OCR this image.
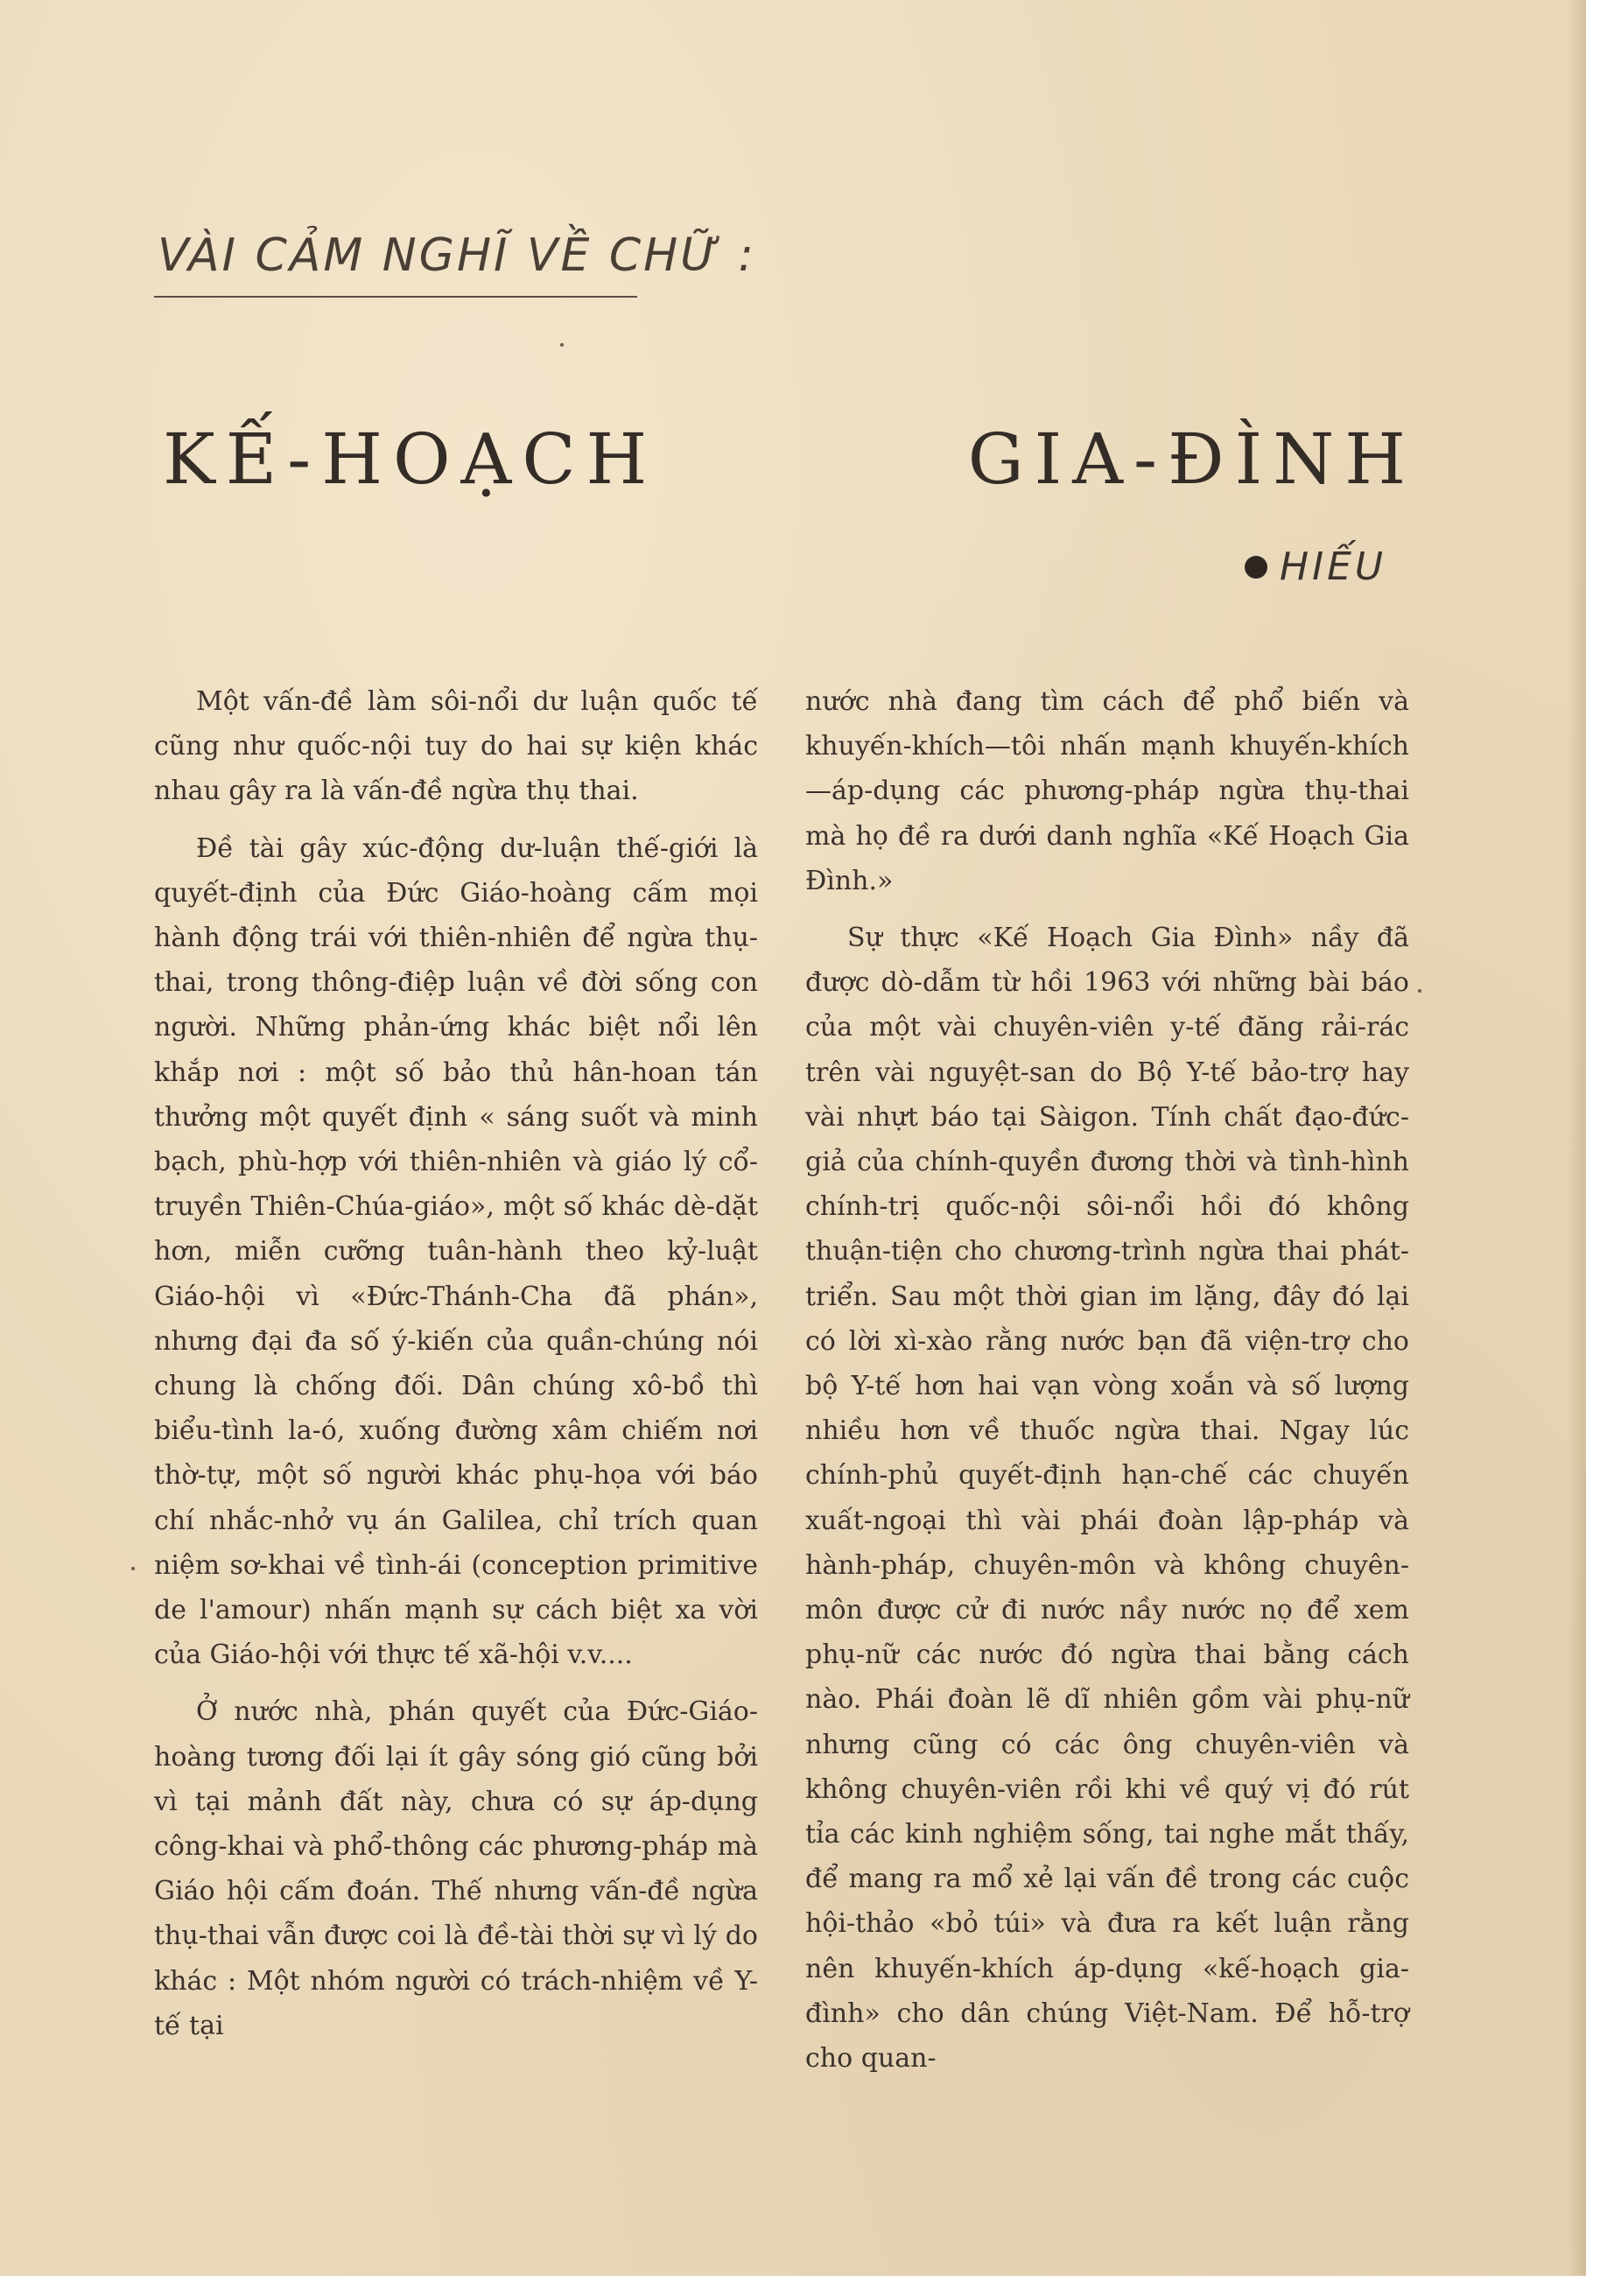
VÀI CẢM NGHĨ VỀ CHỮ :
KẾ-HOẠCH GIA-ĐÌNH
HIẾU

Một vấn-đề làm sôi-nổi dư luận quốc tế cũng như quốc-nội tuy do hai sự kiện khác nhau gây ra là vấn-đề ngừa thụ thai.

Đề tài gây xúc-động dư-luận thế-giới là quyết-định của Đức Giáo-hoàng cấm mọi hành động trái với thiên-nhiên để ngừa thụ-thai, trong thông-điệp luận về đời sống con người. Những phản-ứng khác biệt nổi lên khắp nơi : một số bảo thủ hân-hoan tán thưởng một quyết định « sáng suốt và minh bạch, phù-hợp với thiên-nhiên và giáo lý cổ-truyền Thiên-Chúa-giáo», một số khác dè-dặt hơn, miễn cưỡng tuân-hành theo kỷ-luật Giáo-hội vì «Đức-Thánh-Cha đã phán», nhưng đại đa số ý-kiến của quần-chúng nói chung là chống đối. Dân chúng xô-bồ thì biểu-tình la-ó, xuống đường xâm chiếm nơi thờ-tự, một số người khác phụ-họa với báo chí nhắc-nhở vụ án Galilea, chỉ trích quan niệm sơ-khai về tình-ái (conception primitive de l'amour) nhấn mạnh sự cách biệt xa vời của Giáo-hội với thực tế xã-hội v.v....

Ở nước nhà, phán quyết của Đức-Giáo-hoàng tương đối lại ít gây sóng gió cũng bởi vì tại mảnh đất này, chưa có sự áp-dụng công-khai và phổ-thông các phương-pháp mà Giáo hội cấm đoán. Thế nhưng vấn-đề ngừa thụ-thai vẫn được coi là đề-tài thời sự vì lý do khác : Một nhóm người có trách-nhiệm về Y-tế tại

nước nhà đang tìm cách để phổ biến và khuyến-khích—tôi nhấn mạnh khuyến-khích—áp-dụng các phương-pháp ngừa thụ-thai mà họ đề ra dưới danh nghĩa «Kế Hoạch Gia Đình.»

Sự thực «Kế Hoạch Gia Đình» nầy đã được dò-dẫm từ hồi 1963 với những bài báo của một vài chuyên-viên y-tế đăng rải-rác trên vài nguyệt-san do Bộ Y-tế bảo-trợ hay vài nhựt báo tại Sàigon. Tính chất đạo-đức-giả của chính-quyền đương thời và tình-hình chính-trị quốc-nội sôi-nổi hồi đó không thuận-tiện cho chương-trình ngừa thai phát-triển. Sau một thời gian im lặng, đây đó lại có lời xì-xào rằng nước bạn đã viện-trợ cho bộ Y-tế hơn hai vạn vòng xoắn và số lượng nhiều hơn về thuốc ngừa thai. Ngay lúc chính-phủ quyết-định hạn-chế các chuyến xuất-ngoại thì vài phái đoàn lập-pháp và hành-pháp, chuyên-môn và không chuyên-môn được cử đi nước nầy nước nọ để xem phụ-nữ các nước đó ngừa thai bằng cách nào. Phái đoàn lẽ dĩ nhiên gồm vài phụ-nữ nhưng cũng có các ông chuyên-viên và không chuyên-viên rồi khi về quý vị đó rút tỉa các kinh nghiệm sống, tai nghe mắt thấy, để mang ra mổ xẻ lại vấn đề trong các cuộc hội-thảo «bỏ túi» và đưa ra kết luận rằng nên khuyến-khích áp-dụng «kế-hoạch gia-đình» cho dân chúng Việt-Nam. Để hỗ-trợ cho quan-
